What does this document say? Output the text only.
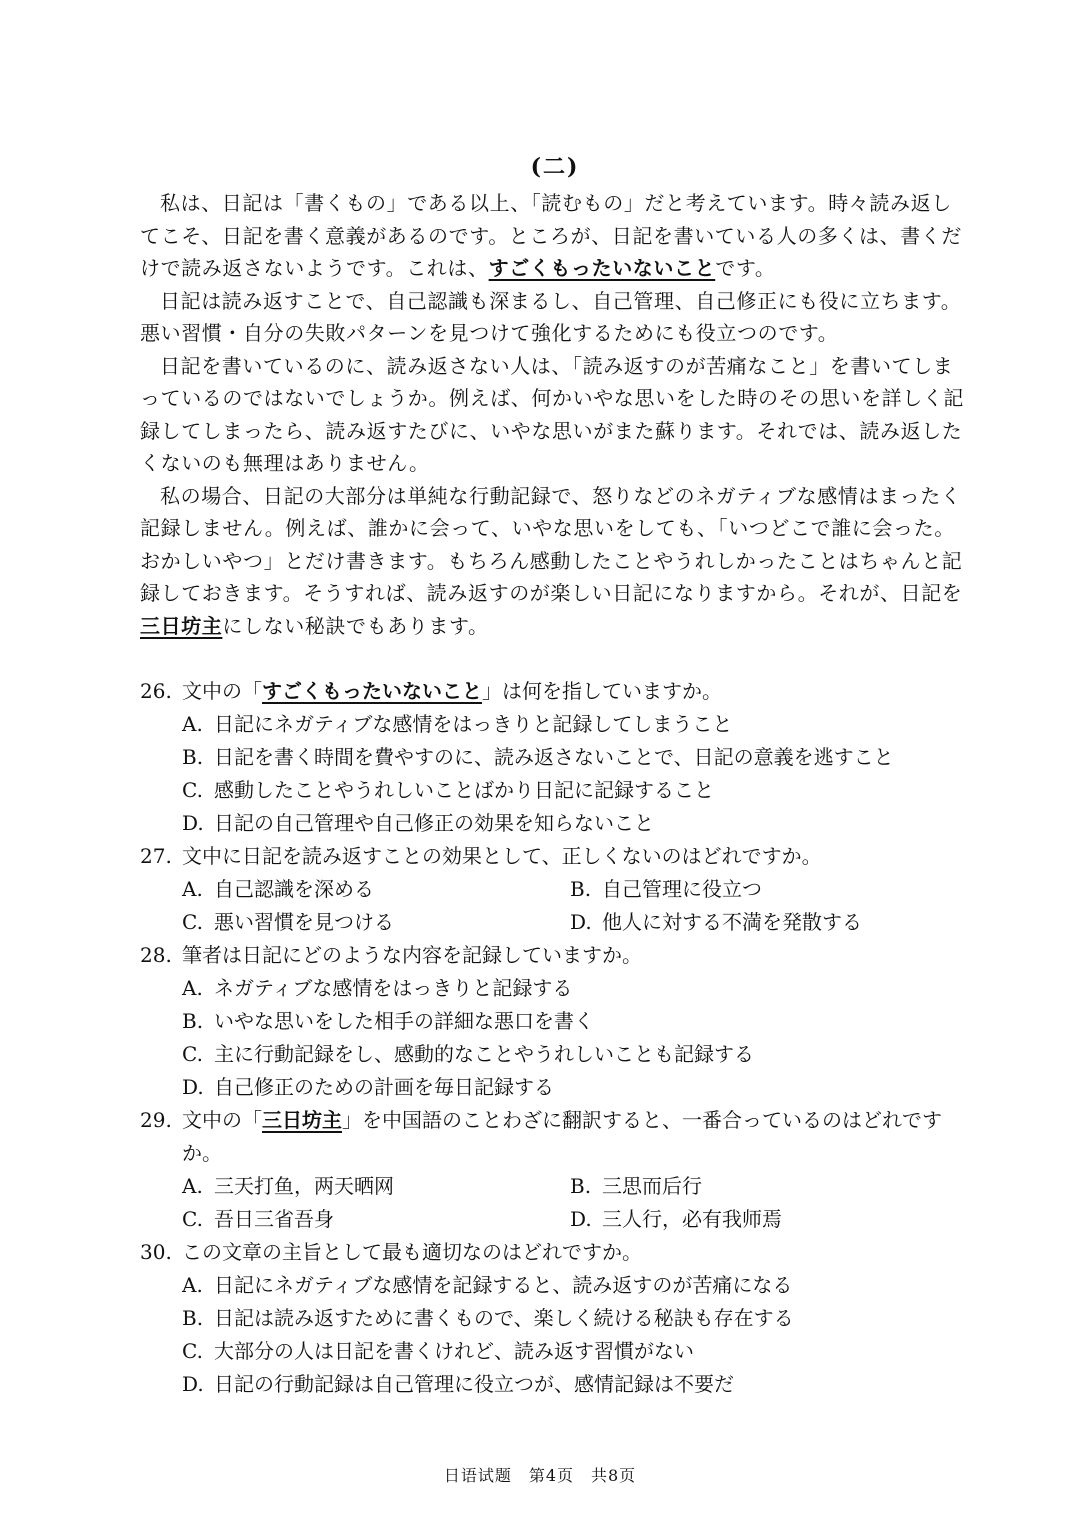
(二)

私は、日記は「書くもの」である以上、「読むもの」だと考えています。時々読み返してこそ、日記を書く意義があるのです。ところが、日記を書いている人の多くは、書くだけで読み返さないようです。これは、すごくもったいないことです。

日記は読み返すことで、自己認識も深まるし、自己管理、自己修正にも役に立ちます。悪い習慣・自分の失敗パターンを見つけて強化するためにも役立つのです。

日記を書いているのに、読み返さない人は、「読み返すのが苦痛なこと」を書いてしまっているのではないでしょうか。例えば、何かいやな思いをした時のその思いを詳しく記録してしまったら、読み返すたびに、いやな思いがまた蘇ります。それでは、読み返したくないのも無理はありません。

私の場合、日記の大部分は単純な行動記録で、怒りなどのネガティブな感情はまったく記録しません。例えば、誰かに会って、いやな思いをしても、「いつどこで誰に会った。おかしいやつ」とだけ書きます。もちろん感動したことやうれしかったことはちゃんと記録しておきます。そうすれば、読み返すのが楽しい日記になりますから。それが、日記を三日坊主にしない秘訣でもあります。

26. 文中の「すごくもったいないこと」は何を指していますか。
A. 日記にネガティブな感情をはっきりと記録してしまうこと
B. 日記を書く時間を費やすのに、読み返さないことで、日記の意義を逃すこと
C. 感動したことやうれしいことばかり日記に記録すること
D. 日記の自己管理や自己修正の効果を知らないこと
27. 文中に日記を読み返すことの効果として、正しくないのはどれですか。
A. 自己認識を深める	B. 自己管理に役立つ
C. 悪い習慣を見つける	D. 他人に対する不満を発散する
28. 筆者は日記にどのような内容を記録していますか。
A. ネガティブな感情をはっきりと記録する
B. いやな思いをした相手の詳細な悪口を書く
C. 主に行動記録をし、感動的なことやうれしいことも記録する
D. 自己修正のための計画を毎日記録する
29. 文中の「三日坊主」を中国語のことわざに翻訳すると、一番合っているのはどれですか。
A. 三天打鱼，两天晒网	B. 三思而后行
C. 吾日三省吾身	D. 三人行，必有我师焉
30. この文章の主旨として最も適切なのはどれですか。
A. 日記にネガティブな感情を記録すると、読み返すのが苦痛になる
B. 日記は読み返すために書くもので、楽しく続ける秘訣も存在する
C. 大部分の人は日記を書くけれど、読み返す習慣がない
D. 日記の行動記録は自己管理に役立つが、感情記録は不要だ
日语试题　第4页　共8页
